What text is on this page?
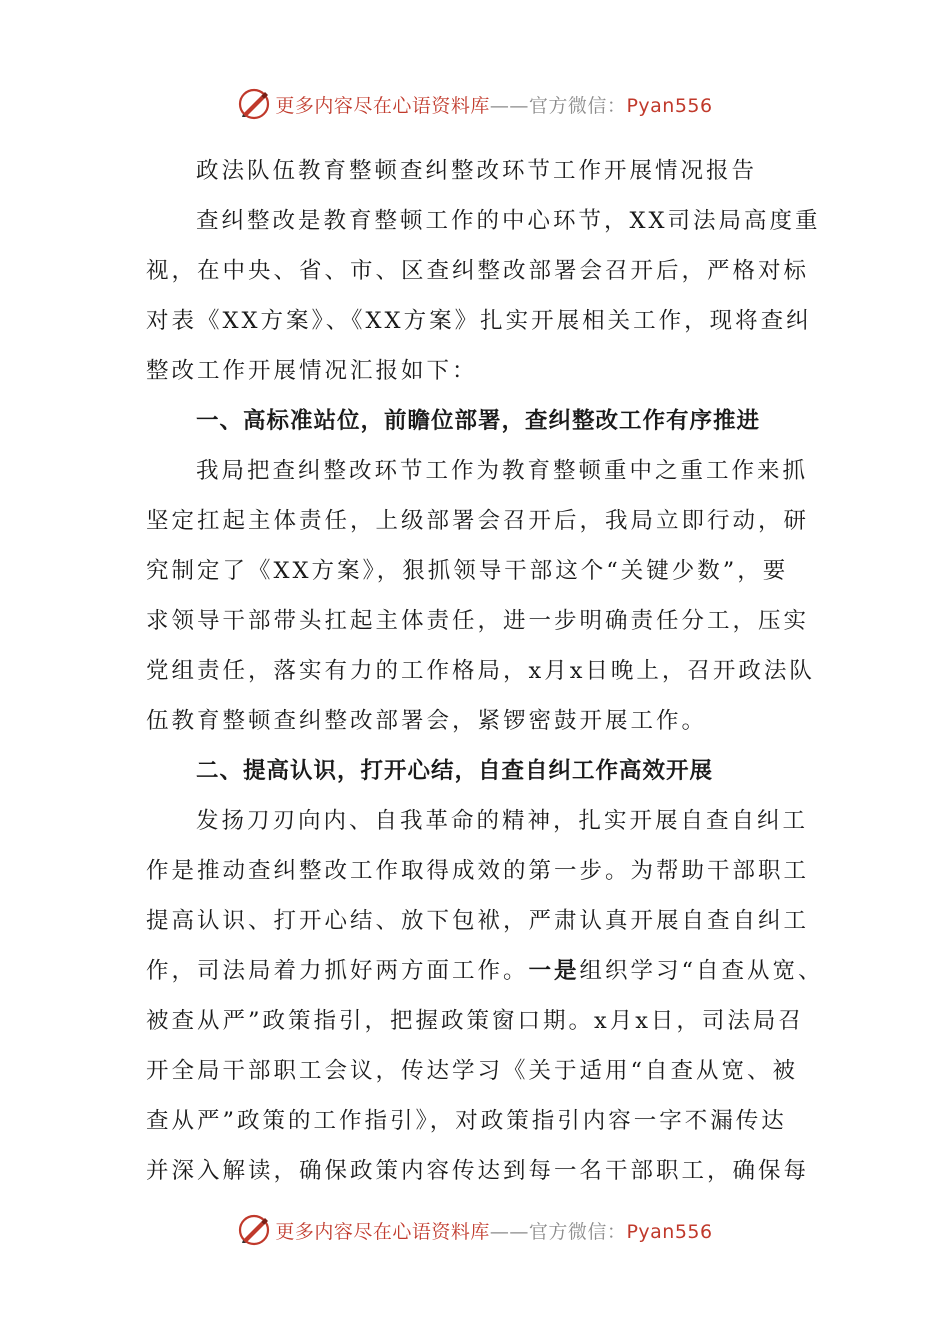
更多内容尽在心语资料库——官方微信：Pyan556
政法队伍教育整顿查纠整改环节工作开展情况报告
查纠整改是教育整顿工作的中心环节，XX司法局高度重
视，在中央、省、市、区查纠整改部署会召开后，严格对标
对表《XX方案》、《XX方案》扎实开展相关工作，现将查纠
整改工作开展情况汇报如下：
一、高标准站位，前瞻位部署，查纠整改工作有序推进
我局把查纠整改环节工作为教育整顿重中之重工作来抓
坚定扛起主体责任，上级部署会召开后，我局立即行动，研
究制定了《XX方案》，狠抓领导干部这个“关键少数”，要
求领导干部带头扛起主体责任，进一步明确责任分工，压实
党组责任，落实有力的工作格局，x月x日晚上，召开政法队
伍教育整顿查纠整改部署会，紧锣密鼓开展工作。
二、提高认识，打开心结，自查自纠工作高效开展
发扬刀刃向内、自我革命的精神，扎实开展自查自纠工
作是推动查纠整改工作取得成效的第一步。为帮助干部职工
提高认识、打开心结、放下包袱，严肃认真开展自查自纠工
作，司法局着力抓好两方面工作。一是组织学习“自查从宽、
被查从严”政策指引，把握政策窗口期。x月x日，司法局召
开全局干部职工会议，传达学习《关于适用“自查从宽、被
查从严”政策的工作指引》，对政策指引内容一字不漏传达
并深入解读，确保政策内容传达到每一名干部职工，确保每
更多内容尽在心语资料库——官方微信：Pyan556
